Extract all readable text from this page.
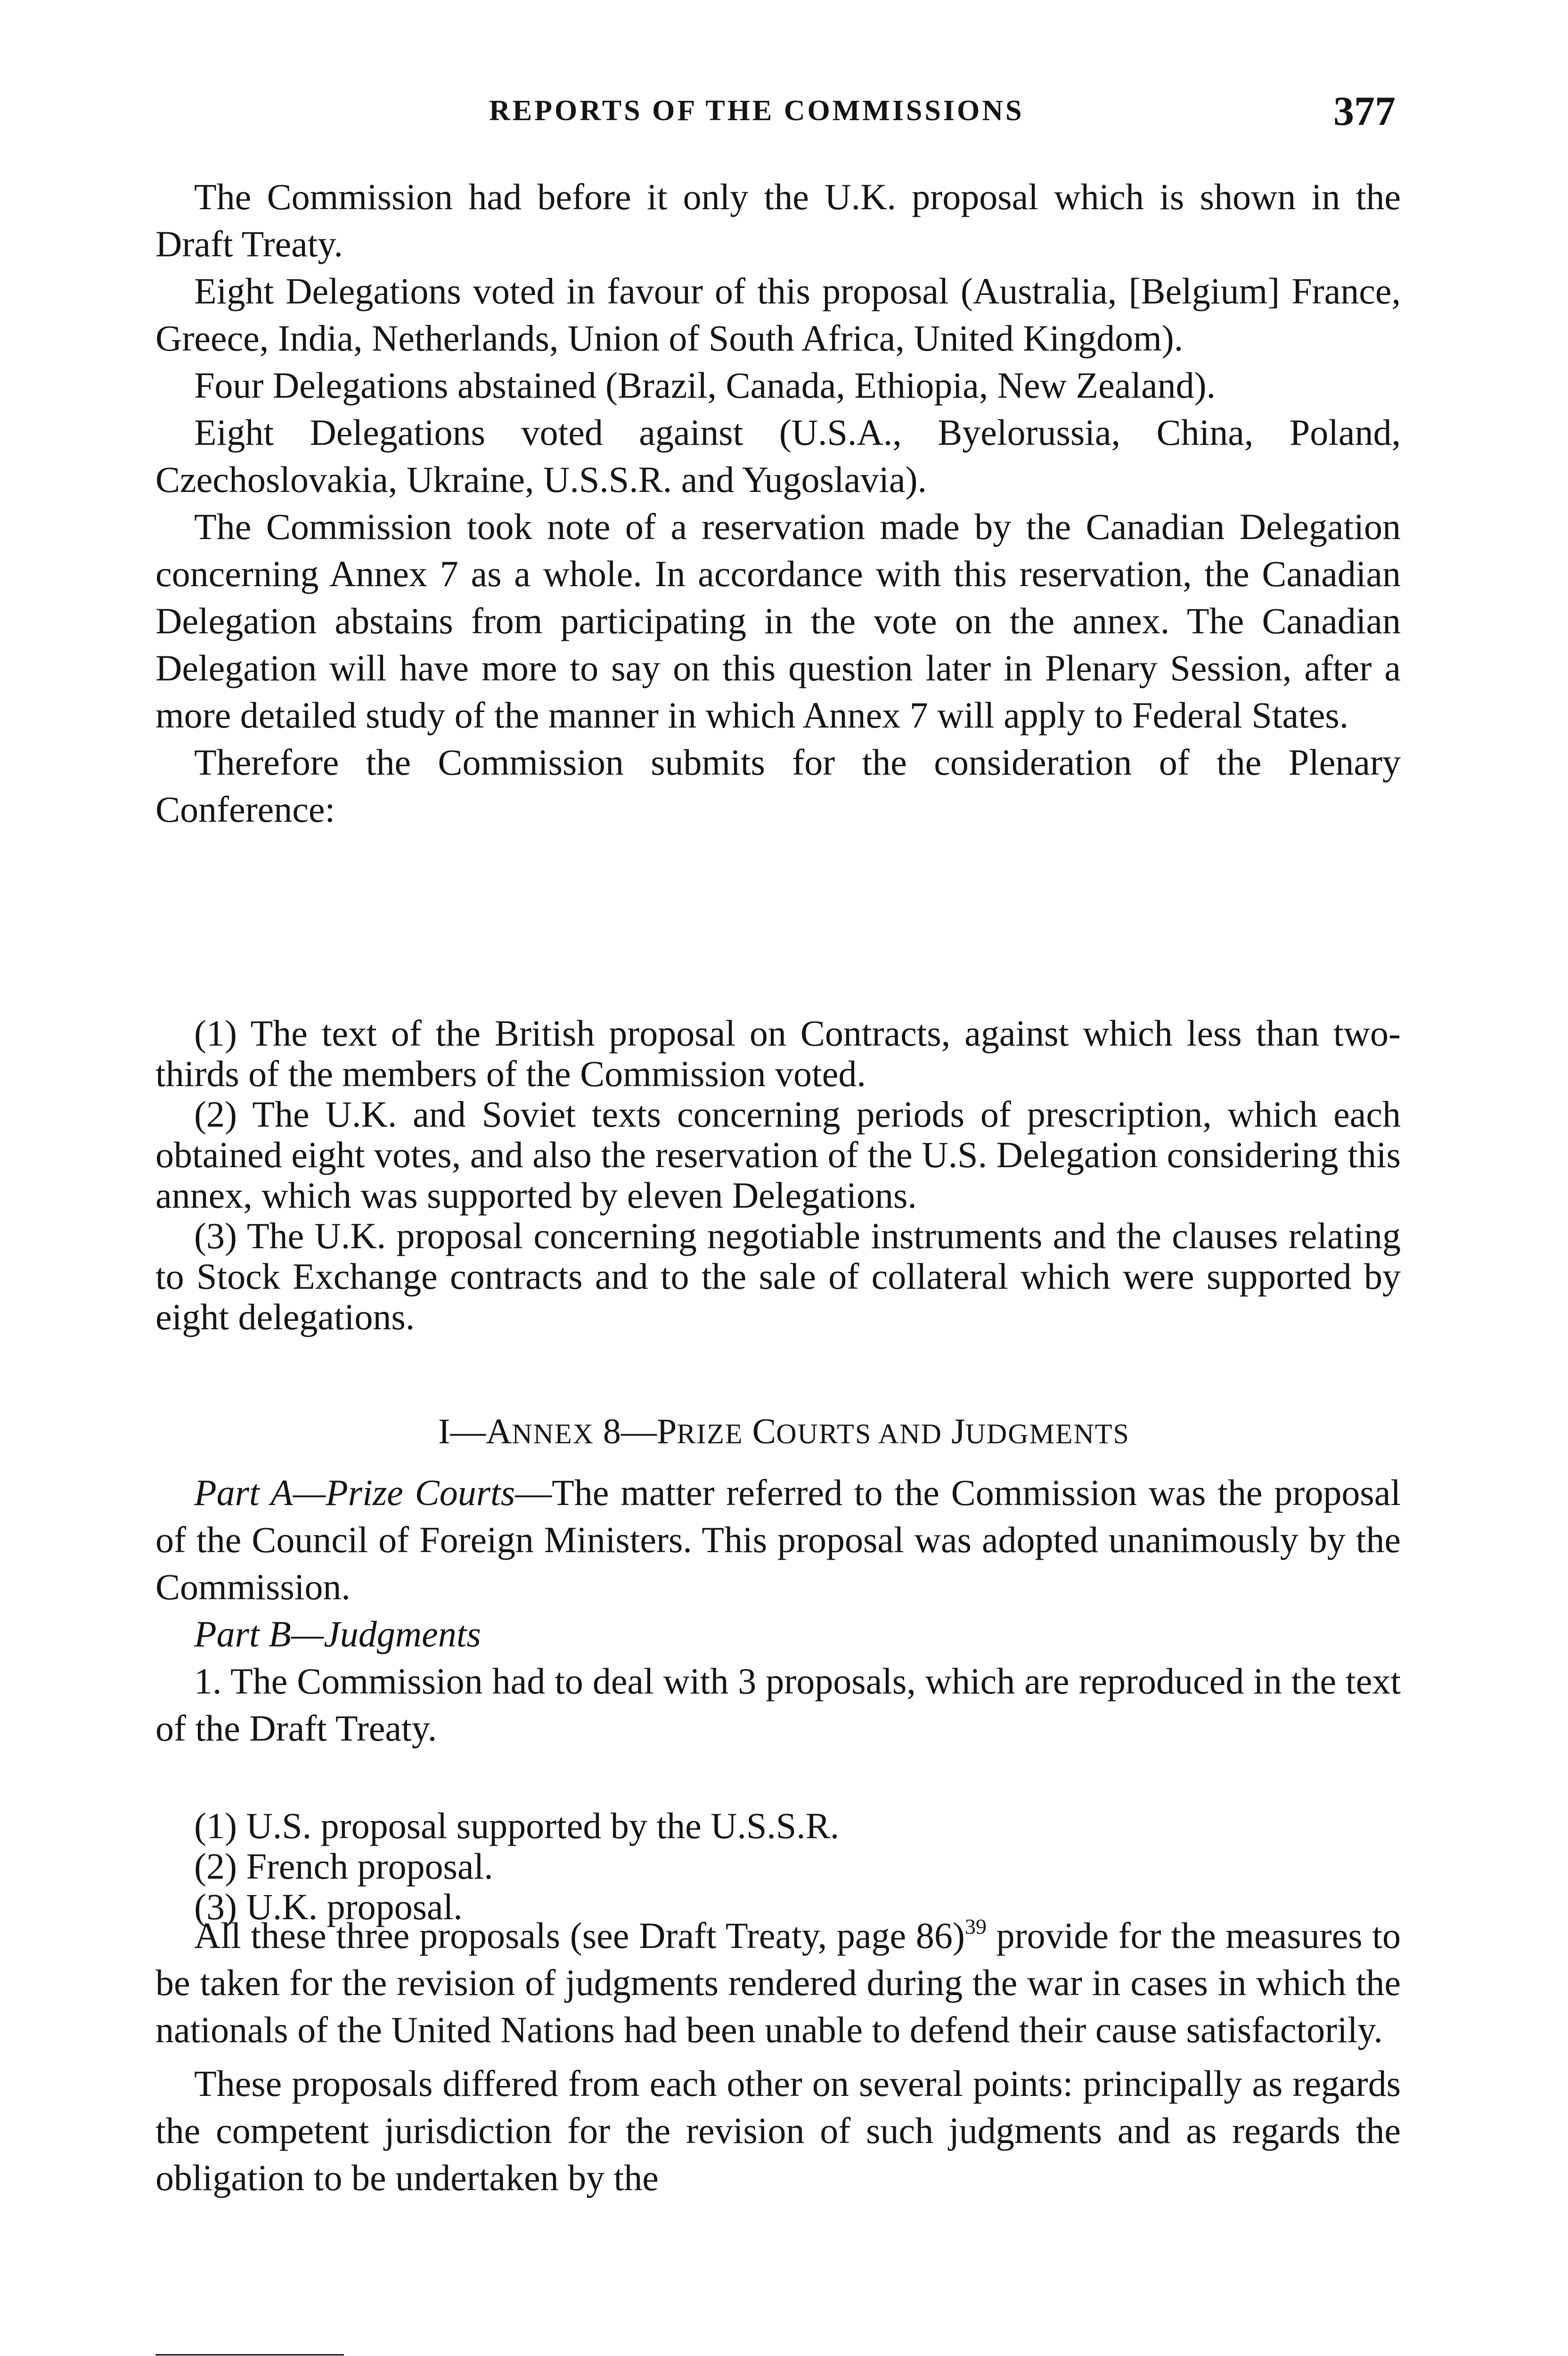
REPORTS OF THE COMMISSIONS	377

The Commission had before it only the U.K. proposal which is shown in the Draft Treaty.

Eight Delegations voted in favour of this proposal (Australia, [Belgium] France, Greece, India, Netherlands, Union of South Africa, United Kingdom).

Four Delegations abstained (Brazil, Canada, Ethiopia, New Zealand).

Eight Delegations voted against (U.S.A., Byelorussia, China, Poland, Czechoslovakia, Ukraine, U.S.S.R. and Yugoslavia).

The Commission took note of a reservation made by the Canadian Delegation concerning Annex 7 as a whole. In accordance with this reservation, the Canadian Delegation abstains from participating in the vote on the annex. The Canadian Delegation will have more to say on this question later in Plenary Session, after a more detailed study of the manner in which Annex 7 will apply to Federal States.

Therefore the Commission submits for the consideration of the Plenary Conference:

(1) The text of the British proposal on Contracts, against which less than two-thirds of the members of the Commission voted.

(2) The U.K. and Soviet texts concerning periods of prescription, which each obtained eight votes, and also the reservation of the U.S. Delegation considering this annex, which was supported by eleven Delegations.

(3) The U.K. proposal concerning negotiable instruments and the clauses relating to Stock Exchange contracts and to the sale of collateral which were supported by eight delegations.

I—ANNEX 8—PRIZE COURTS AND JUDGMENTS

Part A—Prize Courts—The matter referred to the Commission was the proposal of the Council of Foreign Ministers. This proposal was adopted unanimously by the Commission.

Part B—Judgments

1. The Commission had to deal with 3 proposals, which are reproduced in the text of the Draft Treaty.

(1) U.S. proposal supported by the U.S.S.R.

(2) French proposal.

(3) U.K. proposal.

All these three proposals (see Draft Treaty, page 86)$^{39}$ provide for the measures to be taken for the revision of judgments rendered during the war in cases in which the nationals of the United Nations had been unable to defend their cause satisfactorily.

These proposals differed from each other on several points: principally as regards the competent jurisdiction for the revision of such judgments and as regards the obligation to be undertaken by the
